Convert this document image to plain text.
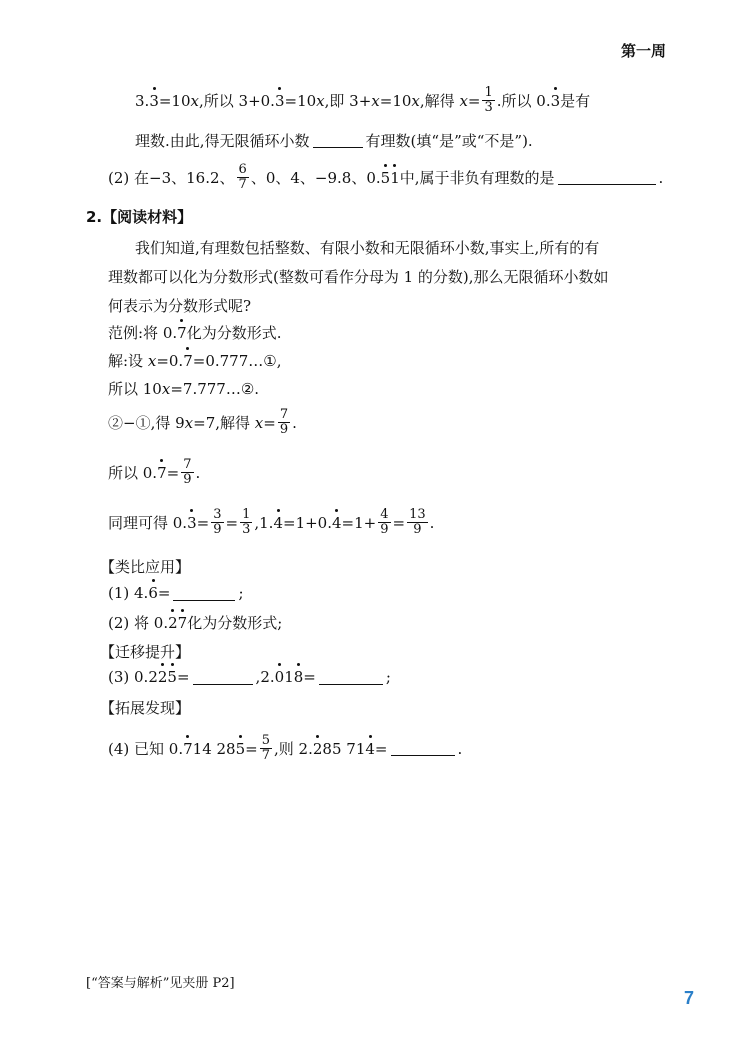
第一周
3. 3 =10 x ,所以 3+0. 3 =10 x ,即 3+ x =10 x ,解得
$x = \frac{1}{3}$ .所以 0. 3 是有
理数.由此,得无限循环小数	有理数(填“是”或“不是”).
(2) 在−3、16.2、 $\frac{6}{7}$ 、0、4、−9.8、0. 5 1 中,属于非负有理数的是	.
2.【阅读材料】
我们知道,有理数包括整数、有限小数和无限循环小数,事实上,所有的有
理数都可以化为分数形式(整数可看作分母为 1 的分数),那么无限循环小数如
何表示为分数形式呢?
范例:将 0. 7 化为分数形式.
解:设
x =0. 7 =0.777…①,
所以 10 x =7.777…②.
②−①,得 9 x =7,解得
$x = \frac{7}{9}$ .
所以 0. $7 = \frac{7}{9}$ .
同理可得 0. $3 = \frac{3}{9} = \frac{1}{3} ,1$. 4 =1+0. $4 =1+ \frac{4}{9} = \frac{13}{9}$ .
【类比应用】
(1) 4. 6 =	;
(2) 将 0. 2 7 化为分数形式;
【迁移提升】
(3) 0. 2 2 5 =	,2. 0 1 8 =	;
【拓展发现】
(4) 已知 0. 7 14 28 $5 = \frac{5}{7}$ ,则 2. 2 85 71 4 =	.
[“答案与解析”见夹册 P2]
7
